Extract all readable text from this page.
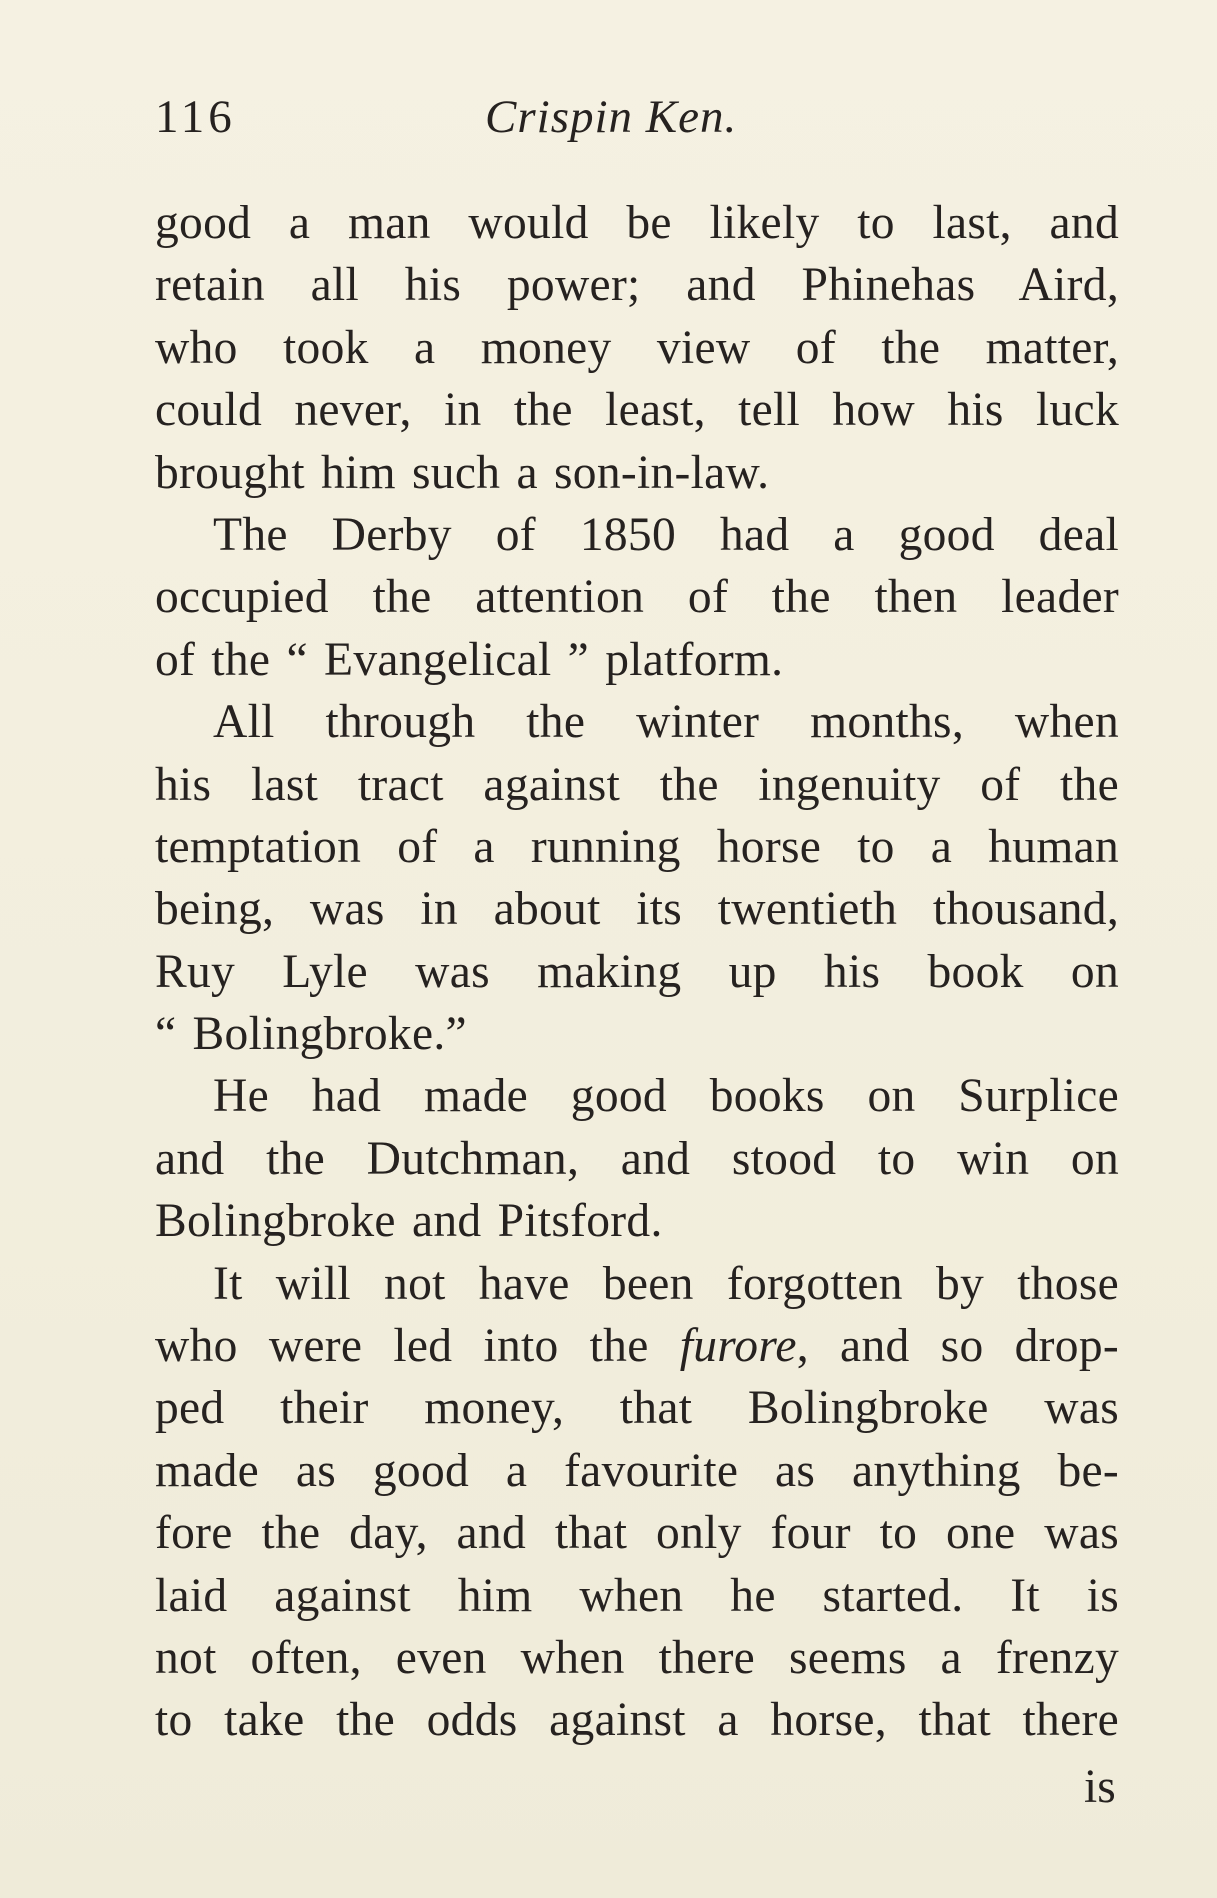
116	Crispin Ken.
good a man would be likely to last, and
retain all his power; and Phinehas Aird,
who took a money view of the matter,
could never, in the least, tell how his luck
brought him such a son-in-law.
The Derby of 1850 had a good deal
occupied the attention of the then leader
of the “ Evangelical ” platform.
All through the winter months, when
his last tract against the ingenuity of the
temptation of a running horse to a human
being, was in about its twentieth thousand,
Ruy Lyle was making up his book on
“ Bolingbroke.”
He had made good books on Surplice
and the Dutchman, and stood to win on
Bolingbroke and Pitsford.
It will not have been forgotten by those
who were led into the furore, and so drop-
ped their money, that Bolingbroke was
made as good a favourite as anything be-
fore the day, and that only four to one was
laid against him when he started. It is
not often, even when there seems a frenzy
to take the odds against a horse, that there
is
